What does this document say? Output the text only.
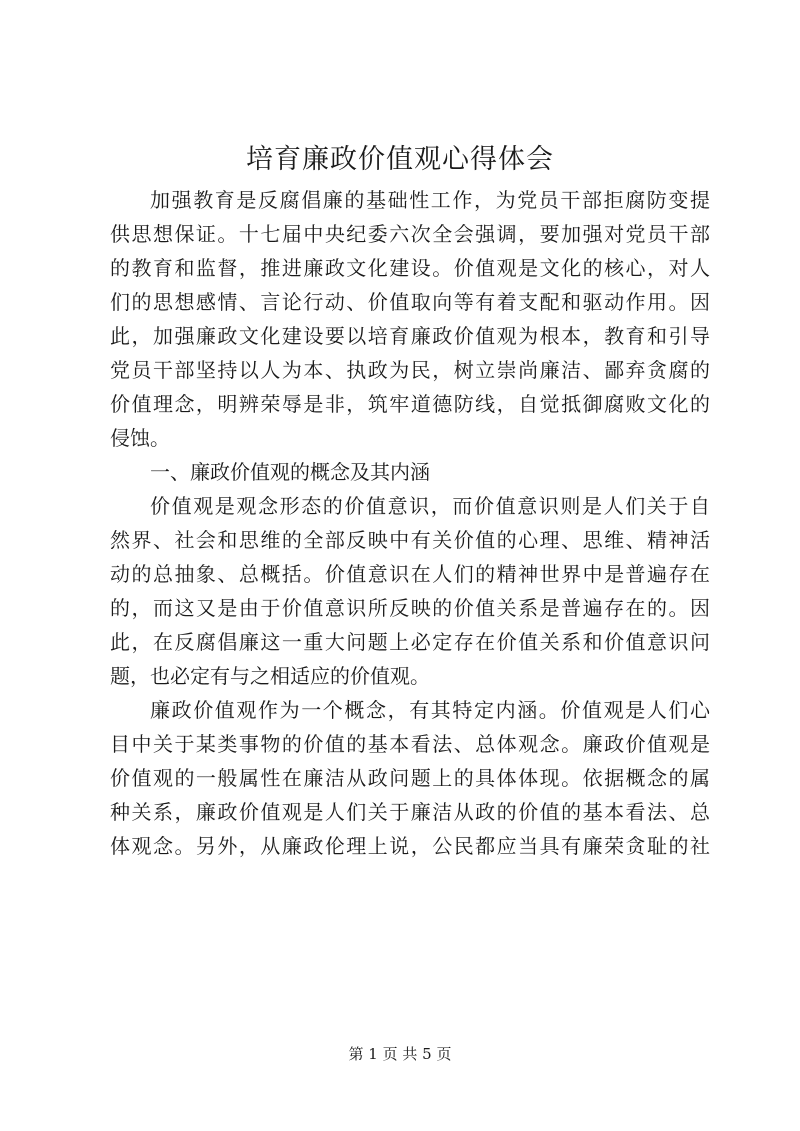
培育廉政价值观心得体会
加强教育是反腐倡廉的基础性工作，为党员干部拒腐防变提
供思想保证。十七届中央纪委六次全会强调，要加强对党员干部
的教育和监督，推进廉政文化建设。价值观是文化的核心，对人
们的思想感情、言论行动、价值取向等有着支配和驱动作用。因
此，加强廉政文化建设要以培育廉政价值观为根本，教育和引导
党员干部坚持以人为本、执政为民，树立崇尚廉洁、鄙弃贪腐的
价值理念，明辨荣辱是非，筑牢道德防线，自觉抵御腐败文化的
侵蚀。
一、廉政价值观的概念及其内涵
价值观是观念形态的价值意识，而价值意识则是人们关于自
然界、社会和思维的全部反映中有关价值的心理、思维、精神活
动的总抽象、总概括。价值意识在人们的精神世界中是普遍存在
的，而这又是由于价值意识所反映的价值关系是普遍存在的。因
此，在反腐倡廉这一重大问题上必定存在价值关系和价值意识问
题，也必定有与之相适应的价值观。
廉政价值观作为一个概念，有其特定内涵。价值观是人们心
目中关于某类事物的价值的基本看法、总体观念。廉政价值观是
价值观的一般属性在廉洁从政问题上的具体体现。依据概念的属
种关系，廉政价值观是人们关于廉洁从政的价值的基本看法、总
体观念。另外，从廉政伦理上说，公民都应当具有廉荣贪耻的社
第 1 页 共 5 页
